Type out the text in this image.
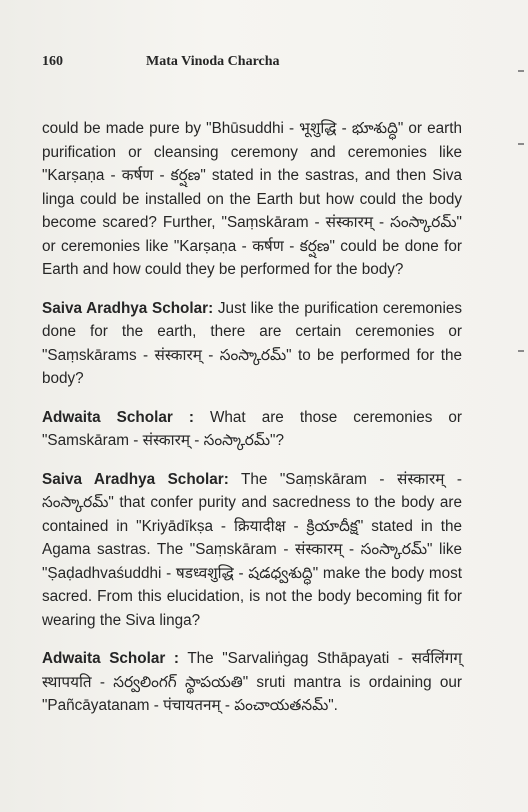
160	Mata Vinoda Charcha

could be made pure by "Bhūsuddhi - भूशुद्धि - భూశుద్ధి" or earth purification or cleansing ceremony and ceremonies like "Karṣaṇa - कर्षण - కర్షణ" stated in the sastras, and then Siva linga could be installed on the Earth but how could the body become scared? Further, "Saṃskāram - संस्कारम् - సంస్కారమ్" or ceremonies like "Karṣaṇa - कर्षण - కర్షణ" could be done for Earth and how could they be performed for the body?

Saiva Aradhya Scholar: Just like the purification ceremonies done for the earth, there are certain ceremonies or "Saṃskārams - संस्कारम् - సంస్కారమ్" to be performed for the body?

Adwaita Scholar : What are those ceremonies or "Samskāram - संस्कारम् - సంస్కారమ్"?

Saiva Aradhya Scholar: The "Saṃskāram - संस्कारम् - సంస్కారమ్" that confer purity and sacredness to the body are contained in "Kriyādīkṣa - क्रियादीक्ष - క్రియాదీక్ష" stated in the Agama sastras. The "Saṃskāram - संस्कारम् - సంస్కారమ్" like "Ṣaḍadhvaśuddhi - षडध्वशुद्धि - షడధ్వశుద్ధి" make the body most sacred. From this elucidation, is not the body becoming fit for wearing the Siva linga?

Adwaita Scholar : The "Sarvaliṅgag Sthāpayati - सर्वलिंगग् स्थापयति - సర్వలింగగ్ స్థాపయతి" sruti mantra is ordaining our "Pañcāyatanam - पंचायतनम् - పంచాయతనమ్".
